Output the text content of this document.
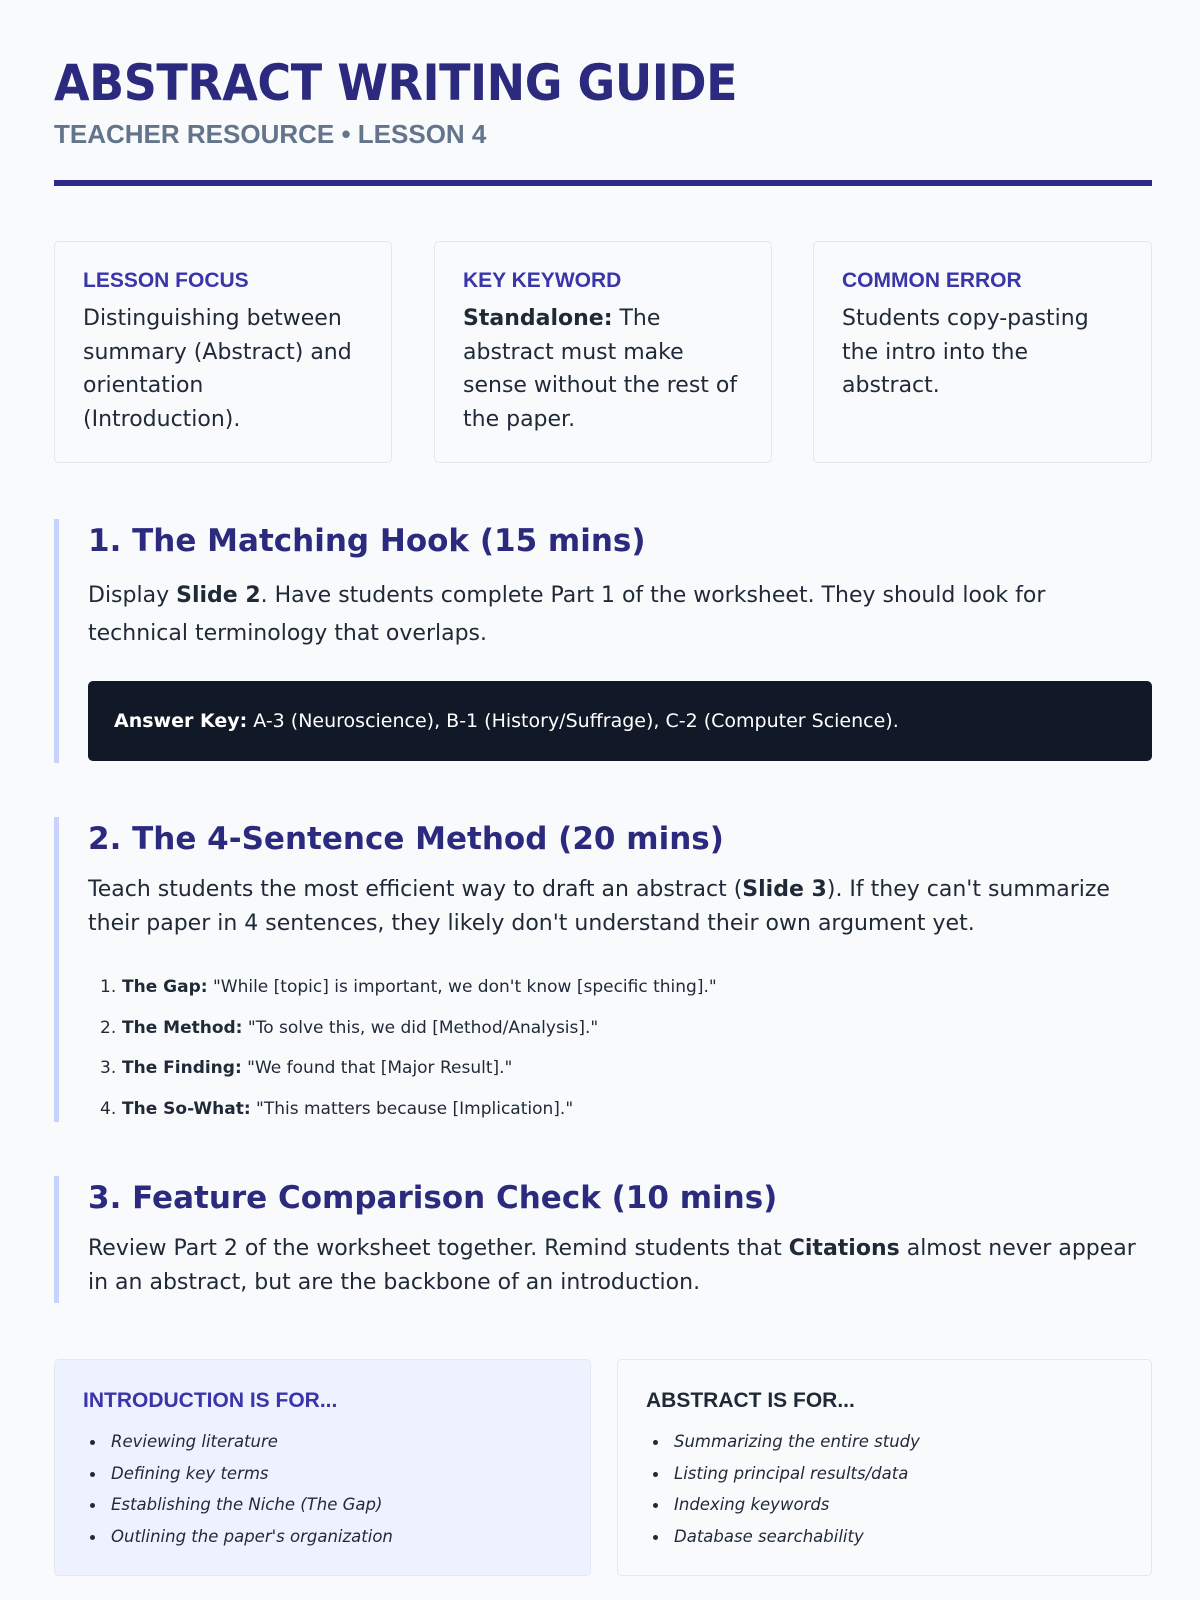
ABSTRACT WRITING GUIDE
TEACHER RESOURCE • LESSON 4
LESSON FOCUS
Distinguishing between summary (Abstract) and orientation (Introduction).
KEY KEYWORD
Standalone: The abstract must make sense without the rest of the paper.
COMMON ERROR
Students copy-pasting the intro into the abstract.
1. The Matching Hook (15 mins)

Display Slide 2. Have students complete Part 1 of the worksheet. They should look for technical terminology that overlaps.

Answer Key: A-3 (Neuroscience), B-1 (History/Suffrage), C-2 (Computer Science).
2. The 4-Sentence Method (20 mins)

Teach students the most efficient way to draft an abstract (Slide 3). If they can't summarize their paper in 4 sentences, they likely don't understand their own argument yet.

1. The Gap: "While [topic] is important, we don't know [specific thing]."
2. The Method: "To solve this, we did [Method/Analysis]."
3. The Finding: "We found that [Major Result]."
4. The So-What: "This matters because [Implication]."
3. Feature Comparison Check (10 mins)

Review Part 2 of the worksheet together. Remind students that Citations almost never appear in an abstract, but are the backbone of an introduction.

INTRODUCTION IS FOR...
Reviewing literature
Defining key terms
Establishing the Niche (The Gap)
Outlining the paper's organization
ABSTRACT IS FOR...
Summarizing the entire study
Listing principal results/data
Indexing keywords
Database searchability
